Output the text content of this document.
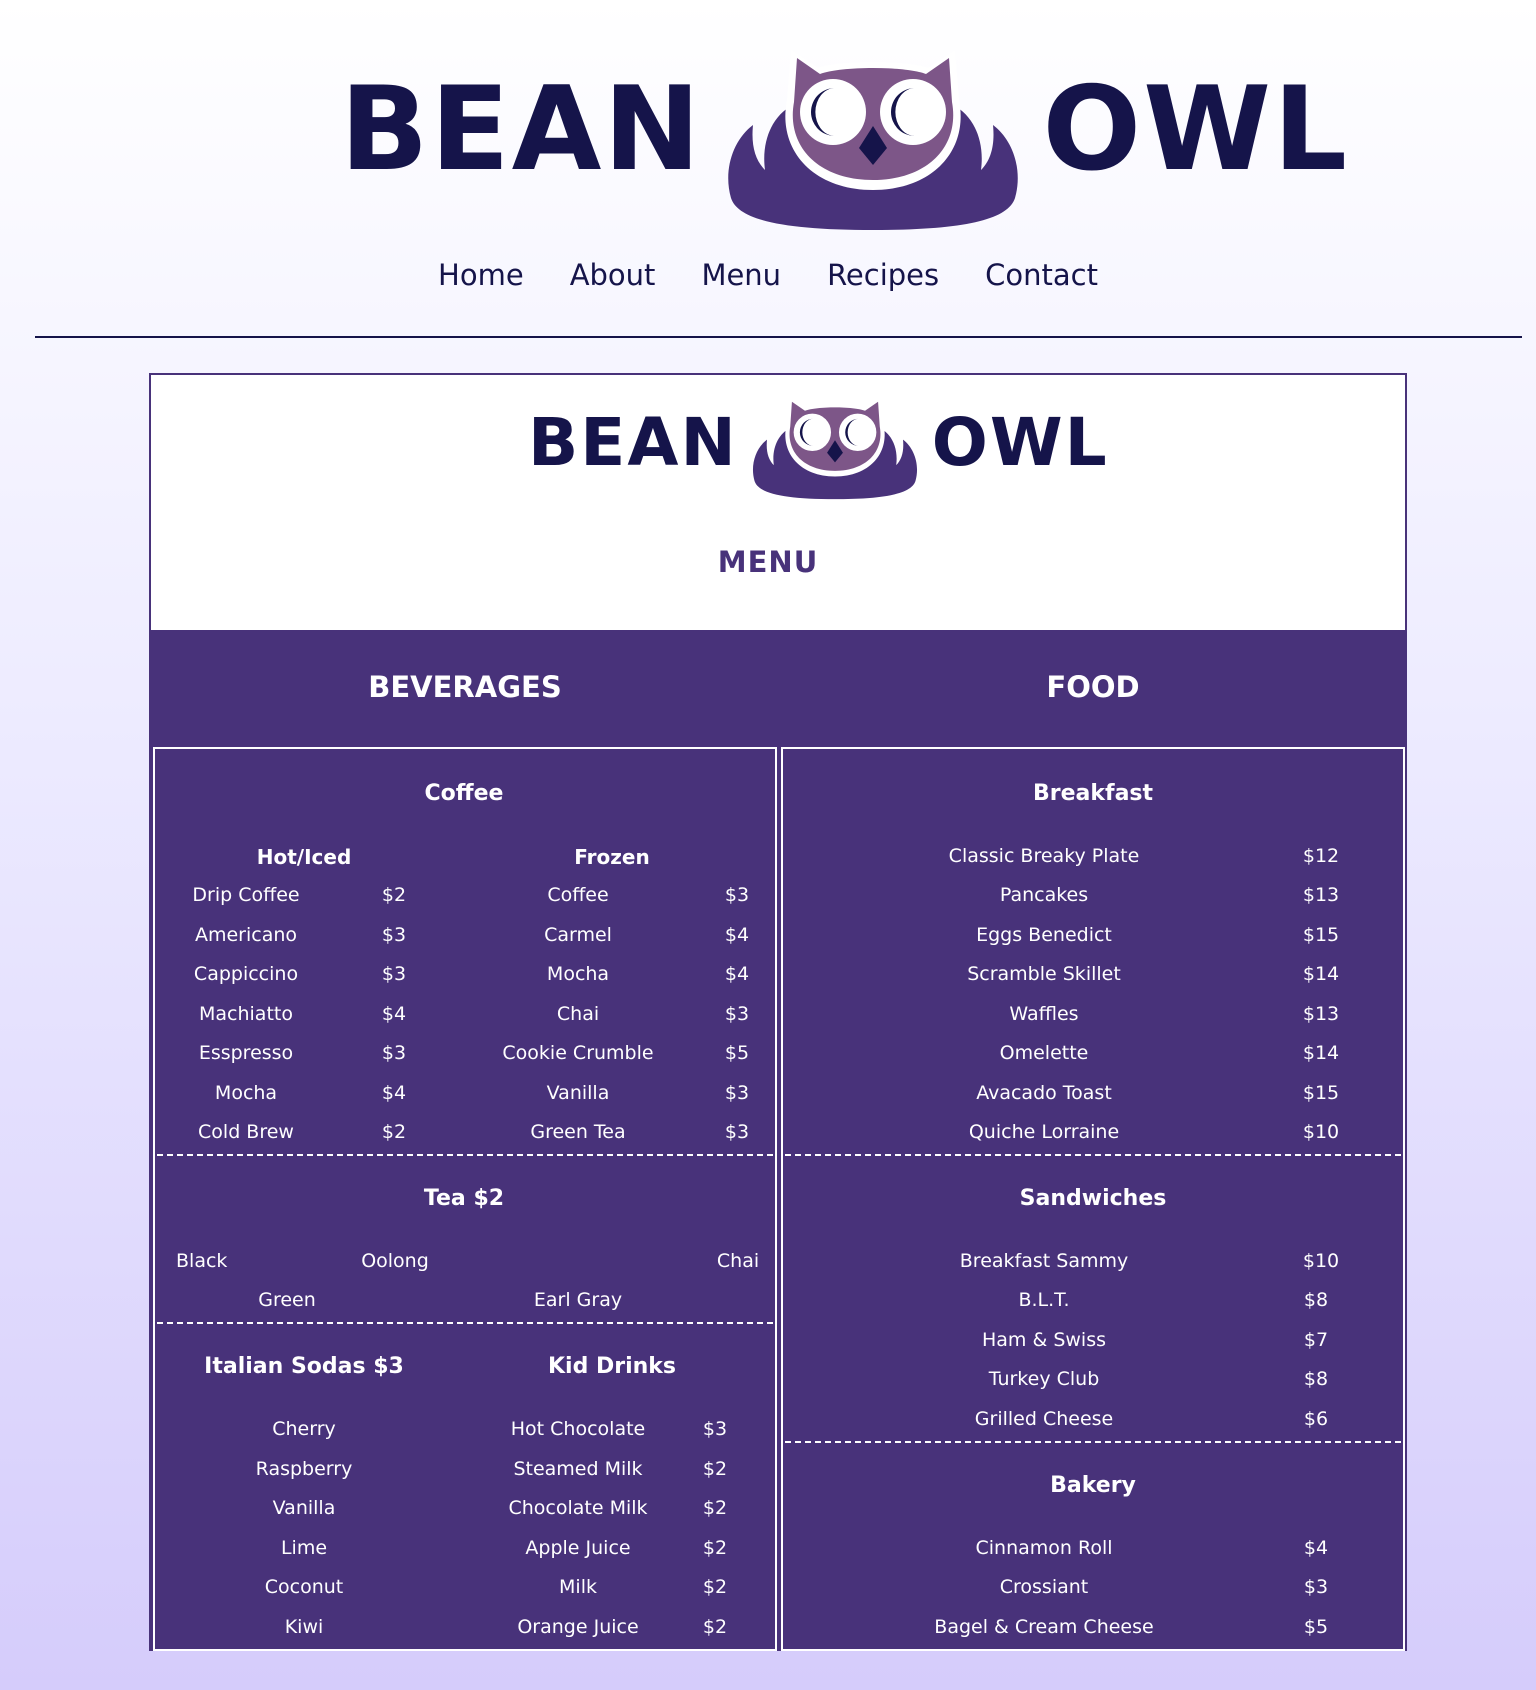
BEAN	OWL
Home About Menu Recipes Contact
BEAN	OWL
MENU
BEVERAGES	FOOD
Coffee
Hot/Iced	Frozen
Drip Coffee	$2
Americano	$3
Cappiccino	$3
Machiatto	$4
Esspresso	$3
Mocha	$4
Cold Brew	$2
Coffee	$3
Carmel	$4
Mocha	$4
Chai	$3
Cookie Crumble	$5
Vanilla	$3
Green Tea	$3
Tea $2
Black	Oolong	Chai
Green	Earl Gray
Italian Sodas $3
Cherry
Raspberry
Vanilla
Lime
Coconut
Kiwi
Kid Drinks
Hot Chocolate	$3
Steamed Milk	$2
Chocolate Milk	$2
Apple Juice	$2
Milk	$2
Orange Juice	$2
Breakfast
Classic Breaky Plate	$12
Pancakes	$13
Eggs Benedict	$15
Scramble Skillet	$14
Waffles	$13
Omelette	$14
Avacado Toast	$15
Quiche Lorraine	$10
Sandwiches
Breakfast Sammy	$10
B.L.T.	$8
Ham & Swiss	$7
Turkey Club	$8
Grilled Cheese	$6
Bakery
Cinnamon Roll	$4
Crossiant	$3
Bagel & Cream Cheese	$5
